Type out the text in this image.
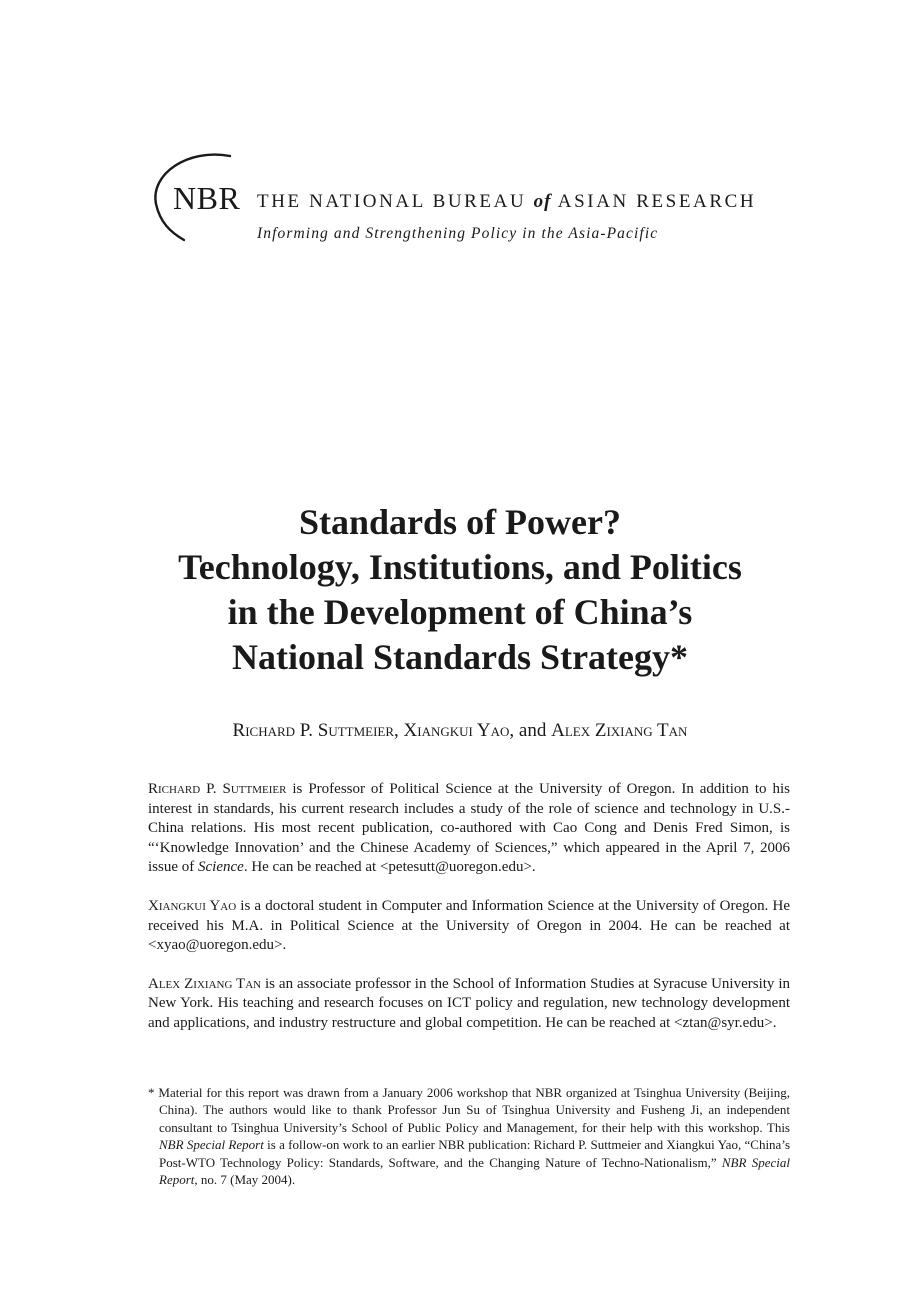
NBR THE NATIONAL BUREAU of ASIAN RESEARCH
Informing and Strengthening Policy in the Asia-Pacific
Standards of Power?
Technology, Institutions, and Politics
in the Development of China’s
National Standards Strategy*
Richard P. Suttmeier, Xiangkui Yao, and Alex Zixiang Tan

Richard P. Suttmeier is Professor of Political Science at the University of Oregon. In addition to his interest in standards, his current research includes a study of the role of science and technology in U.S.-China relations. His most recent publication, co-authored with Cao Cong and Denis Fred Simon, is “‘Knowledge Innovation’ and the Chinese Academy of Sciences,” which appeared in the April 7, 2006 issue of Science. He can be reached at <petesutt@uoregon.edu>.

Xiangkui Yao is a doctoral student in Computer and Information Science at the University of Oregon. He received his M.A. in Political Science at the University of Oregon in 2004. He can be reached at <xyao@uoregon.edu>.

Alex Zixiang Tan is an associate professor in the School of Information Studies at Syracuse University in New York. His teaching and research focuses on ICT policy and regulation, new technology development and applications, and industry restructure and global competition. He can be reached at <ztan@syr.edu>.

* Material for this report was drawn from a January 2006 workshop that NBR organized at Tsinghua University (Beijing, China). The authors would like to thank Professor Jun Su of Tsinghua University and Fusheng Ji, an independent consultant to Tsinghua University’s School of Public Policy and Management, for their help with this workshop. This NBR Special Report is a follow-on work to an earlier NBR publication: Richard P. Suttmeier and Xiangkui Yao, “China’s Post-WTO Technology Policy: Standards, Software, and the Changing Nature of Techno-Nationalism,” NBR Special Report, no. 7 (May 2004).
